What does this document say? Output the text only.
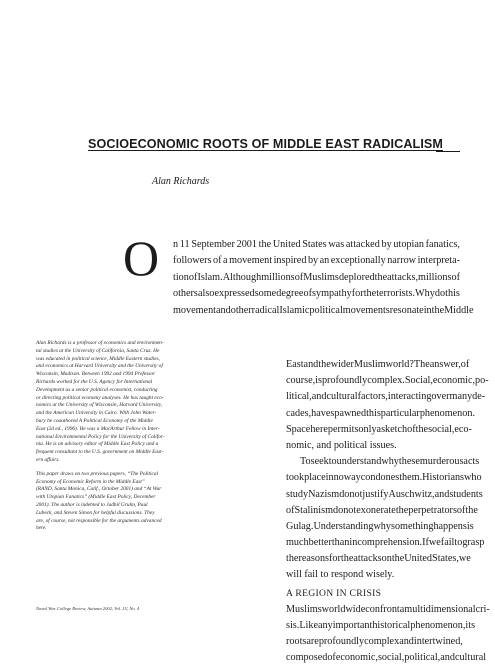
SOCIOECONOMIC ROOTS OF MIDDLE EAST RADICALISM
Alan Richards
O n 11 September 2001 the United States was attacked by utopian fanatics,
followers of a movement inspired by an exceptionally narrow interpreta-
tion of Islam. Although millions of Muslims deplored the attacks, millions of
others also expressed some degree of sympathy for the terrorists. Why do this
movement and other radical Islamic political movements resonate in the Middle
East and the wider Muslim world? The answer, of
course, is profoundly complex. Social, economic, po-
litical, and cultural factors, interacting over many de-
cades, have spawned this particular phenomenon.
Space here permits only a sketch of the social, eco-
nomic, and political issues.
To seek to understand why these murderous acts
took place in no way condones them. Historians who
study Nazism do not justify Auschwitz, and students
of Stalinism do not exonerate the perpetrators of the
Gulag. Understanding why something happens is
much better than incomprehension. If we fail to grasp
the reasons for the attacks on the United States, we
will fail to respond wisely.
A REGION IN CRISIS
Muslims worldwide confront a multidimensional cri-
sis. Like any important historical phenomenon, its
roots are profoundly complex and intertwined,
composed of economic, social, political, and cultural
Alan Richards is a professor of economics and environmen-
tal studies at the University of California, Santa Cruz. He
was educated in political science, Middle Eastern studies,
and economics at Harvard University and the University of
Wisconsin, Madison. Between 1992 and 1994 Professor
Richards worked for the U.S. Agency for International
Development as a senior political economist, conducting
or directing political economy analyses. He has taught eco-
nomics at the University of Wisconsin, Harvard University,
and the American University in Cairo. With John Water-
bury he coauthored A Political Economy of the Middle
East (2d ed., 1996). He was a MacArthur Fellow in Inter-
national Environmental Policy for the University of Califor-
nia. He is an advisory editor of Middle East Policy and a
frequent consultant to the U.S. government on Middle East-
ern affairs.
This paper draws on two previous papers, “The Political
Economy of Economic Reform in the Middle East”
(RAND, Santa Monica, Calif., October 2001) and “At War
with Utopian Fanatics” (Middle East Policy, December
2001). The author is indebted to Jadhil Grulm, Paul
Lubeck, and Steven Simon for helpful discussions. They
are, of course, not responsible for the arguments advanced
here.
Naval War College Review, Autumn 2002, Vol. LV, No. 4
